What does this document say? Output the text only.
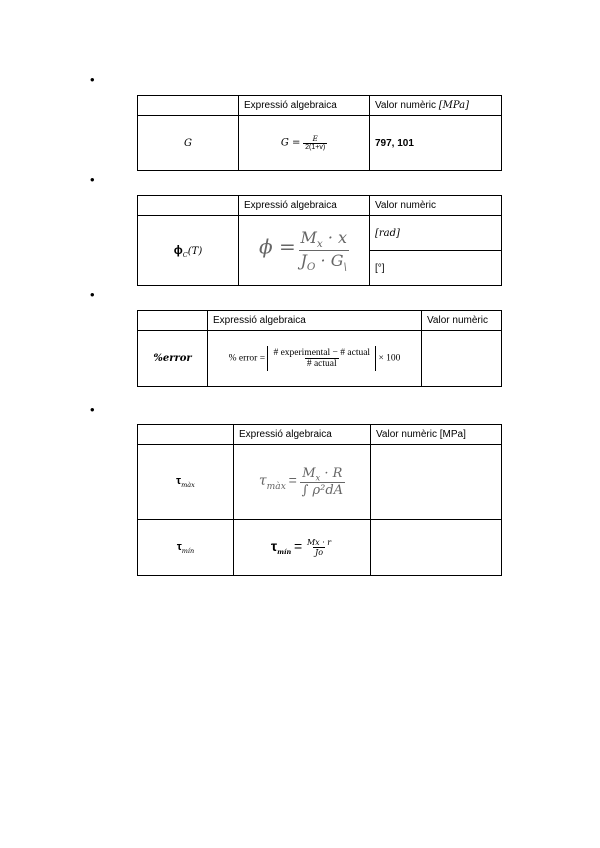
•
•
•
•
	Expressió algebraica	Valor numèric [MPa]
G	$G = \frac{E}{2(1+v)}$	797, 101
	Expressió algebraica	Valor numèric
$\phi_C(T)$	$\phi = \frac{M_x \cdot x}{J_O \cdot G_\backslash}$	[rad]
		[°]
	Expressió algebraica	Valor numèric
%error	% error = $\frac{\text{\# experimental − \# actual}}{\text{\# actual}} \times 100$	
	Expressió algebraica	Valor numèric [MPa]
$\tau_{màx}$	$\tau_{màx} = \frac{M_x \cdot R}{\text{∫ ρ²dA}}$

$\tau_{mín}$	$\tau_{mín} = \frac{Mx \cdot r}{Jo}$
